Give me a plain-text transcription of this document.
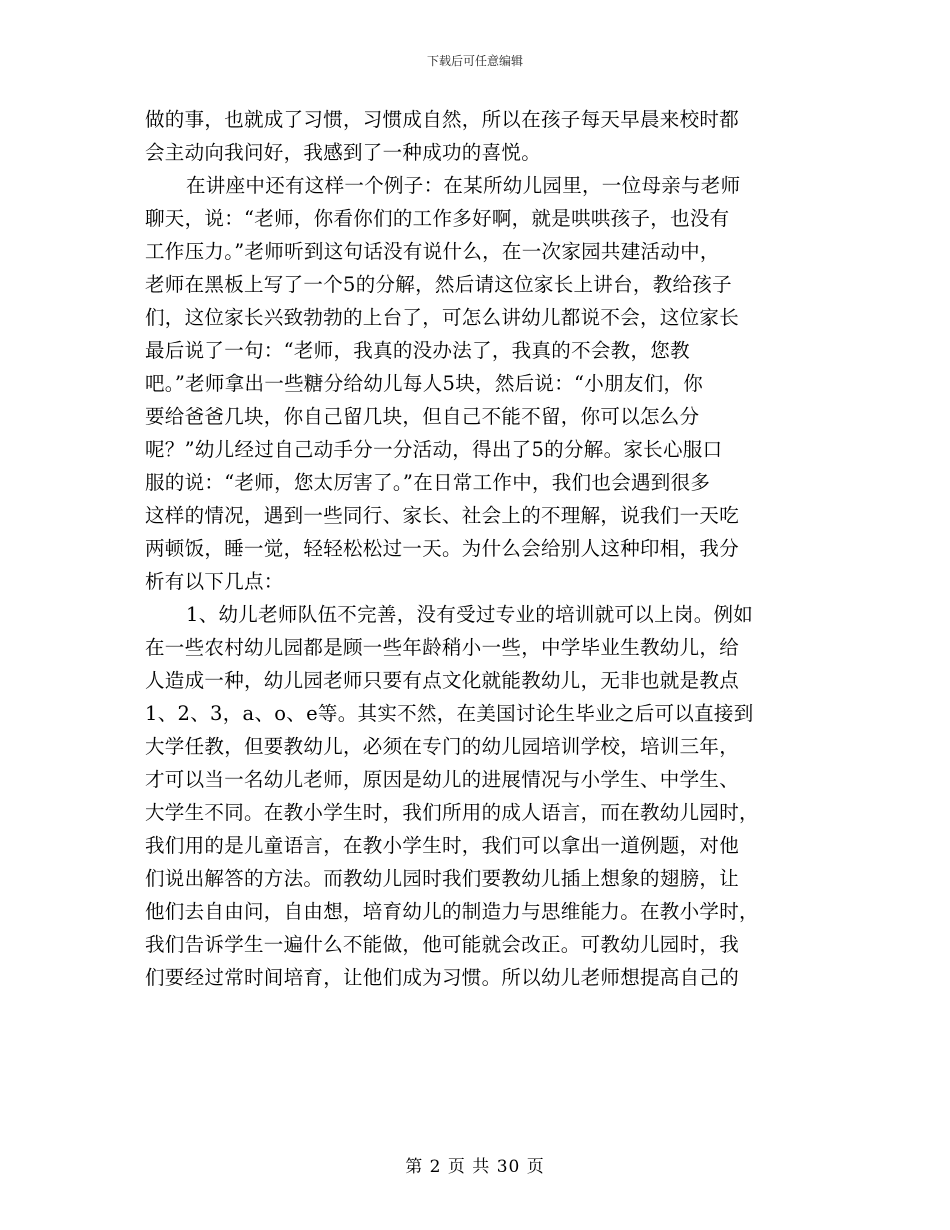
下载后可任意编辑
做的事，也就成了习惯，习惯成自然，所以在孩子每天早晨来校时都
会主动向我问好，我感到了一种成功的喜悦。
在讲座中还有这样一个例子：在某所幼儿园里，一位母亲与老师
聊天，说：“老师，你看你们的工作多好啊，就是哄哄孩子，也没有
工作压力。”老师听到这句话没有说什么，在一次家园共建活动中，
老师在黑板上写了一个5的分解，然后请这位家长上讲台，教给孩子
们，这位家长兴致勃勃的上台了，可怎么讲幼儿都说不会，这位家长
最后说了一句：“老师，我真的没办法了，我真的不会教，您教
吧。”老师拿出一些糖分给幼儿每人5块，然后说：“小朋友们，你
要给爸爸几块，你自己留几块，但自己不能不留，你可以怎么分
呢？”幼儿经过自己动手分一分活动，得出了5的分解。家长心服口
服的说：“老师，您太厉害了。”在日常工作中，我们也会遇到很多
这样的情况，遇到一些同行、家长、社会上的不理解，说我们一天吃
两顿饭，睡一觉，轻轻松松过一天。为什么会给别人这种印相，我分
析有以下几点：
1、幼儿老师队伍不完善，没有受过专业的培训就可以上岗。例如
在一些农村幼儿园都是顾一些年龄稍小一些，中学毕业生教幼儿，给
人造成一种，幼儿园老师只要有点文化就能教幼儿，无非也就是教点
1、2、3，a、o、e等。其实不然，在美国讨论生毕业之后可以直接到
大学任教，但要教幼儿，必须在专门的幼儿园培训学校，培训三年，
才可以当一名幼儿老师，原因是幼儿的进展情况与小学生、中学生、
大学生不同。在教小学生时，我们所用的成人语言，而在教幼儿园时，
我们用的是儿童语言，在教小学生时，我们可以拿出一道例题，对他
们说出解答的方法。而教幼儿园时我们要教幼儿插上想象的翅膀，让
他们去自由问，自由想，培育幼儿的制造力与思维能力。在教小学时，
我们告诉学生一遍什么不能做，他可能就会改正。可教幼儿园时，我
们要经过常时间培育，让他们成为习惯。所以幼儿老师想提高自己的
第 2 页 共 30 页
